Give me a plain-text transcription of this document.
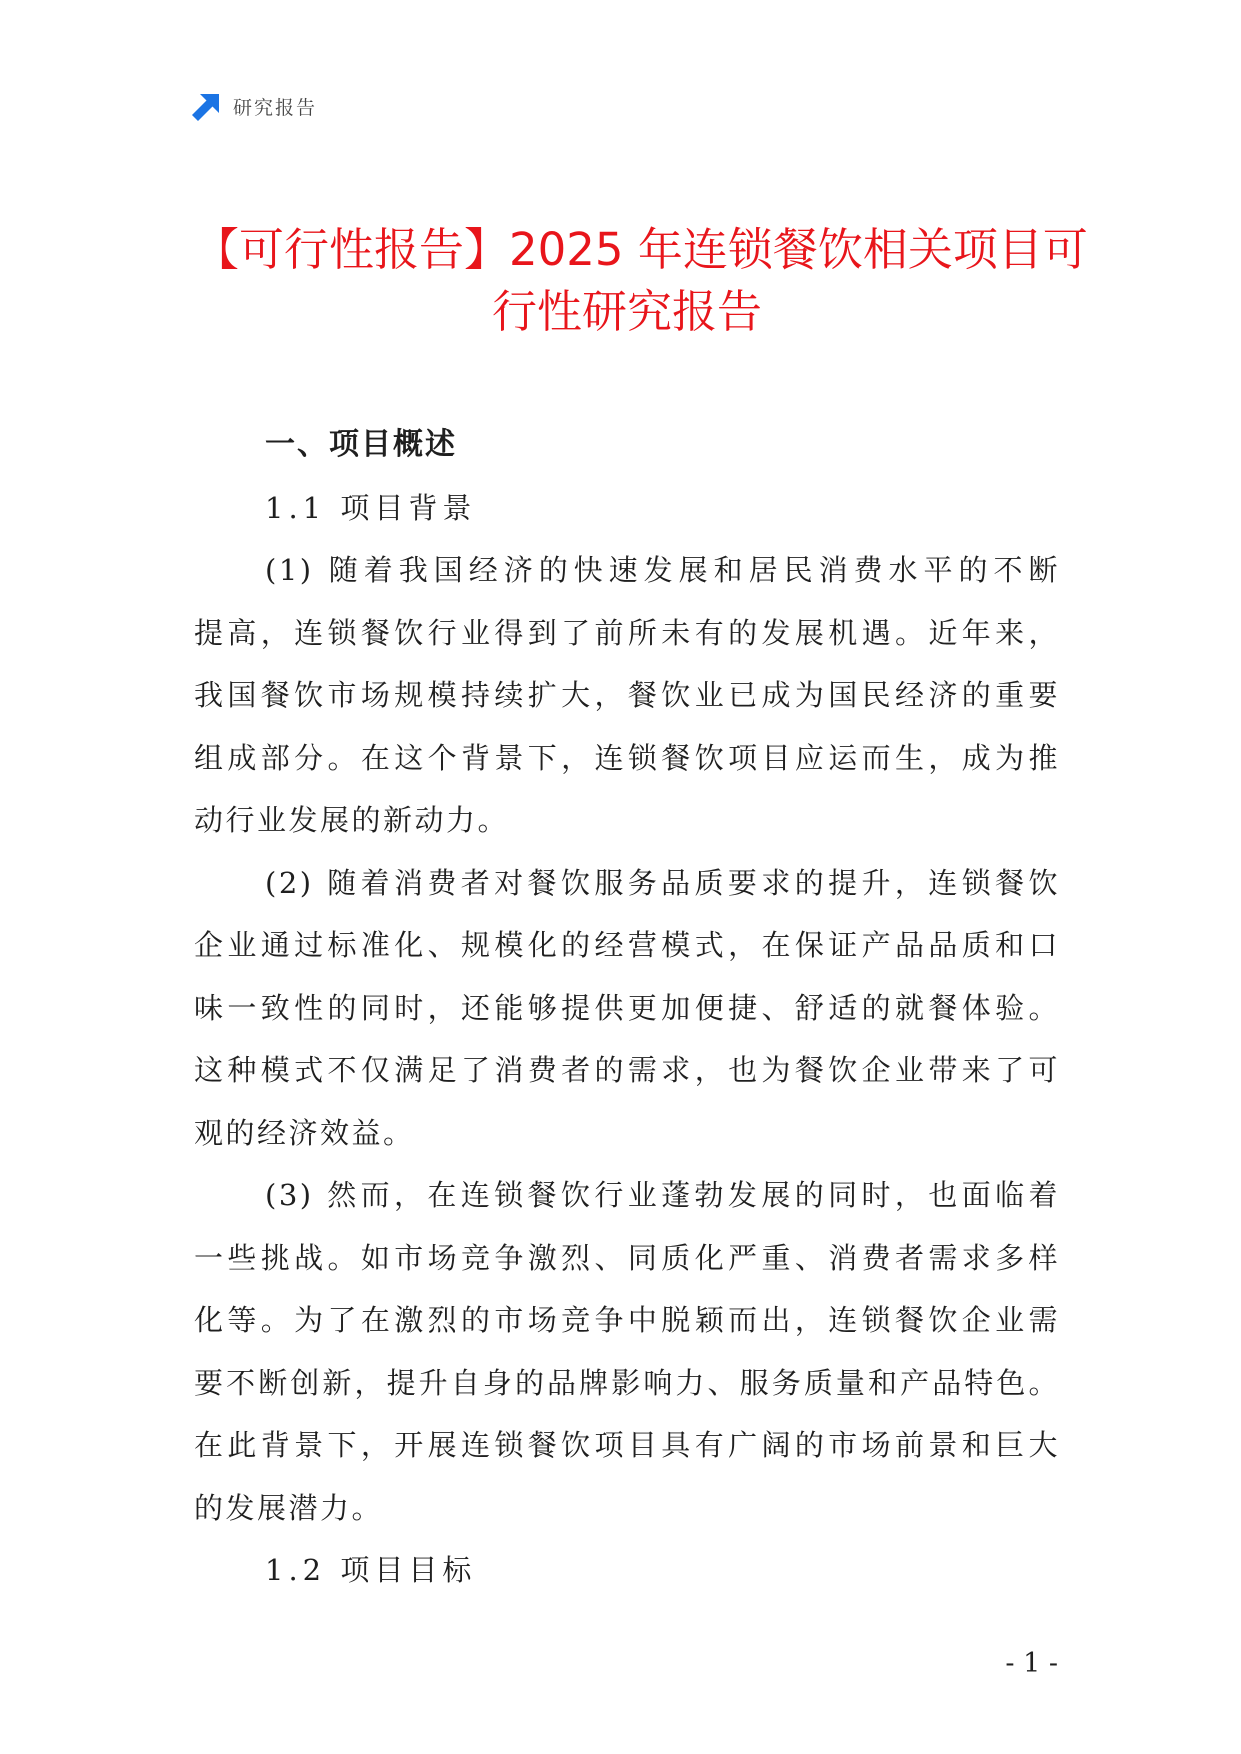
研究报告
【可行性报告】2025 年连锁餐饮相关项目可
行性研究报告
一、项目概述
1.1 项目背景
(1) 随着我国经济的快速发展和居民消费水平的不断
提高，连锁餐饮行业得到了前所未有的发展机遇。近年来，
我国餐饮市场规模持续扩大，餐饮业已成为国民经济的重要
组成部分。在这个背景下，连锁餐饮项目应运而生，成为推
动行业发展的新动力。
(2) 随着消费者对餐饮服务品质要求的提升，连锁餐饮
企业通过标准化、规模化的经营模式，在保证产品品质和口
味一致性的同时，还能够提供更加便捷、舒适的就餐体验。
这种模式不仅满足了消费者的需求，也为餐饮企业带来了可
观的经济效益。
(3) 然而，在连锁餐饮行业蓬勃发展的同时，也面临着
一些挑战。如市场竞争激烈、同质化严重、消费者需求多样
化等。为了在激烈的市场竞争中脱颖而出，连锁餐饮企业需
要不断创新，提升自身的品牌影响力、服务质量和产品特色。
在此背景下，开展连锁餐饮项目具有广阔的市场前景和巨大
的发展潜力。
1.2 项目目标
- 1 -
